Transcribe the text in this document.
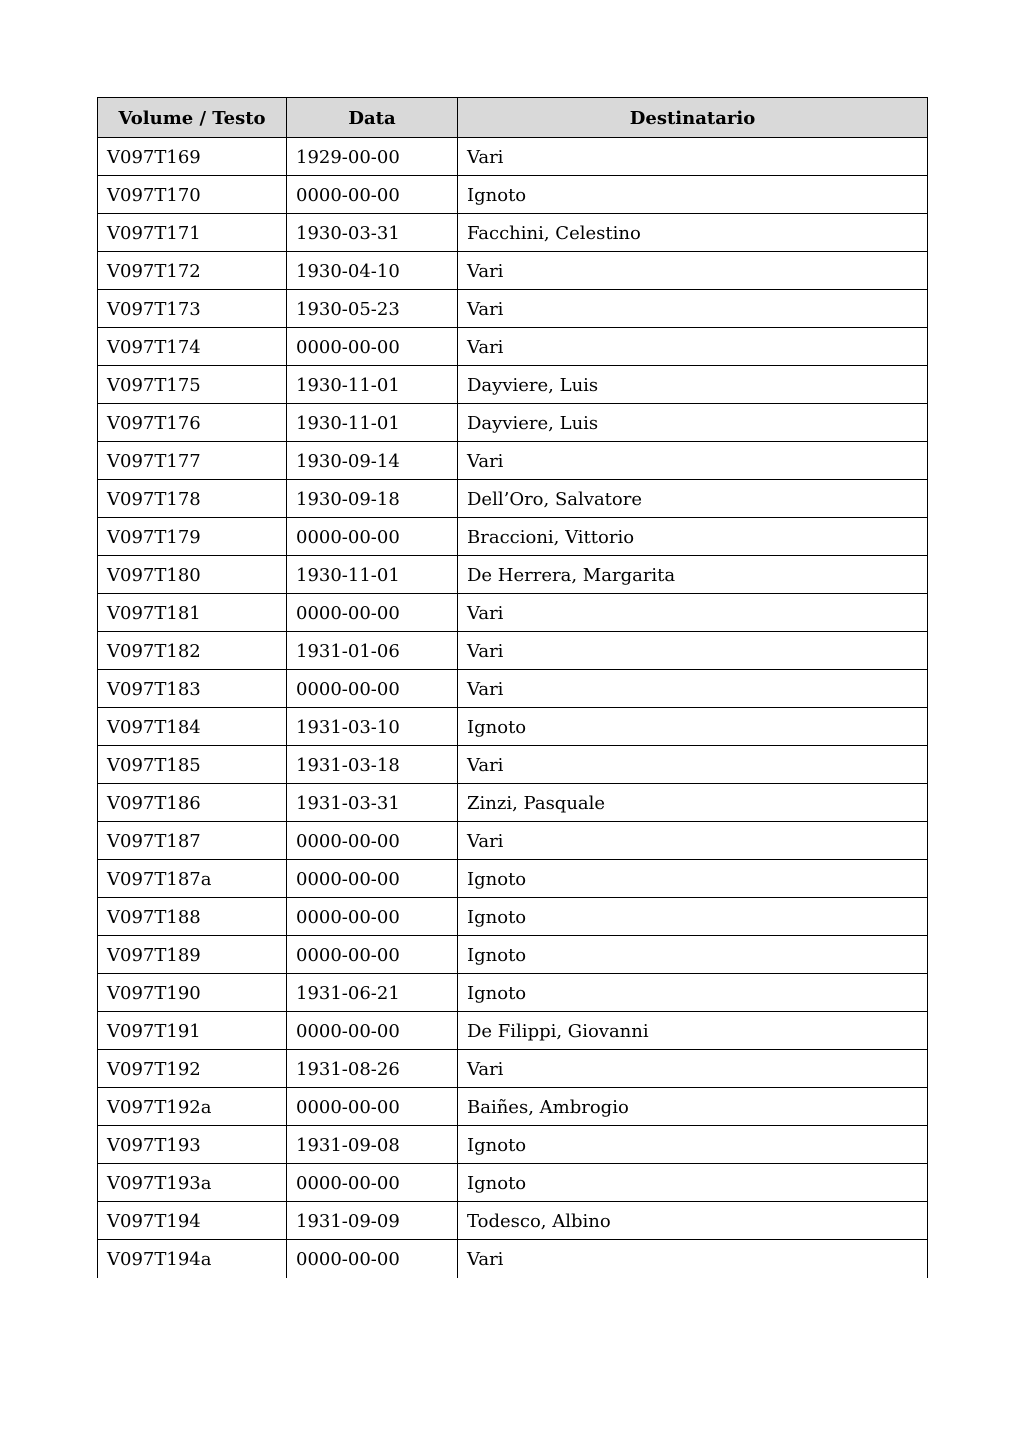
Volume / Testo	Data	Destinatario
V097T169	1929-00-00	Vari
V097T170	0000-00-00	Ignoto
V097T171	1930-03-31	Facchini, Celestino
V097T172	1930-04-10	Vari
V097T173	1930-05-23	Vari
V097T174	0000-00-00	Vari
V097T175	1930-11-01	Dayviere, Luis
V097T176	1930-11-01	Dayviere, Luis
V097T177	1930-09-14	Vari
V097T178	1930-09-18	Dell’Oro, Salvatore
V097T179	0000-00-00	Braccioni, Vittorio
V097T180	1930-11-01	De Herrera, Margarita
V097T181	0000-00-00	Vari
V097T182	1931-01-06	Vari
V097T183	0000-00-00	Vari
V097T184	1931-03-10	Ignoto
V097T185	1931-03-18	Vari
V097T186	1931-03-31	Zinzi, Pasquale
V097T187	0000-00-00	Vari
V097T187a	0000-00-00	Ignoto
V097T188	0000-00-00	Ignoto
V097T189	0000-00-00	Ignoto
V097T190	1931-06-21	Ignoto
V097T191	0000-00-00	De Filippi, Giovanni
V097T192	1931-08-26	Vari
V097T192a	0000-00-00	Baiñes, Ambrogio
V097T193	1931-09-08	Ignoto
V097T193a	0000-00-00	Ignoto
V097T194	1931-09-09	Todesco, Albino
V097T194a	0000-00-00	Vari
